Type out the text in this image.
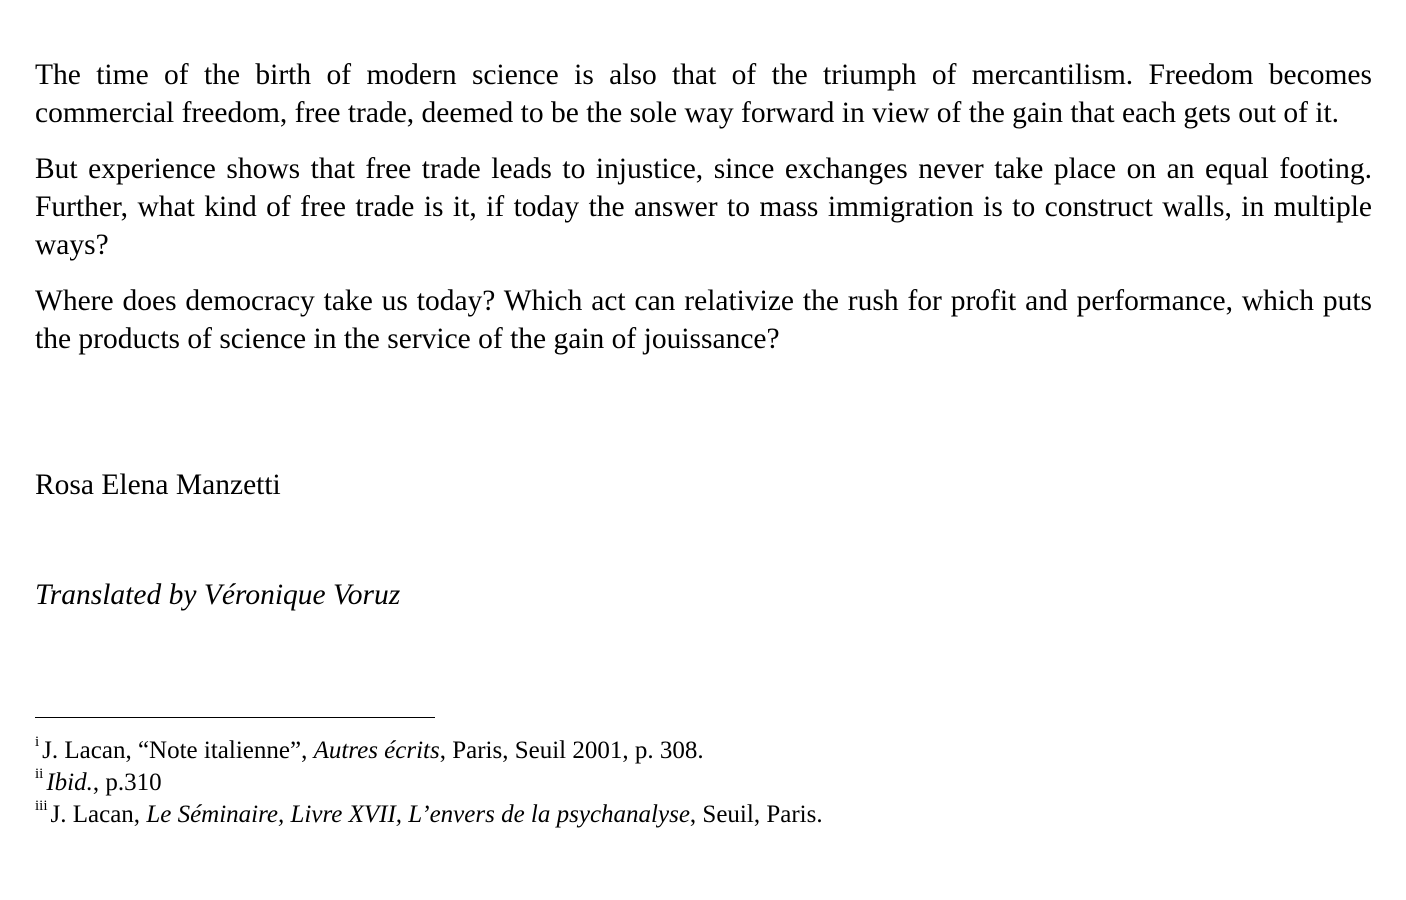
The time of the birth of modern science is also that of the triumph of mercantilism. Freedom becomes commercial freedom, free trade, deemed to be the sole way forward in view of the gain that each gets out of it.

But experience shows that free trade leads to injustice, since exchanges never take place on an equal footing. Further, what kind of free trade is it, if today the answer to mass immigration is to construct walls, in multiple ways?

Where does democracy take us today? Which act can relativize the rush for profit and performance, which puts the products of science in the service of the gain of jouissance?

Rosa Elena Manzetti

Translated by Véronique Voruz

$^i$ J. Lacan, “Note italienne”, Autres écrits, Paris, Seuil 2001, p. 308.

$^{ii}$ Ibid., p.310

$^{iii}$ J. Lacan, Le Séminaire, Livre XVII, L’envers de la psychanalyse, Seuil, Paris.
